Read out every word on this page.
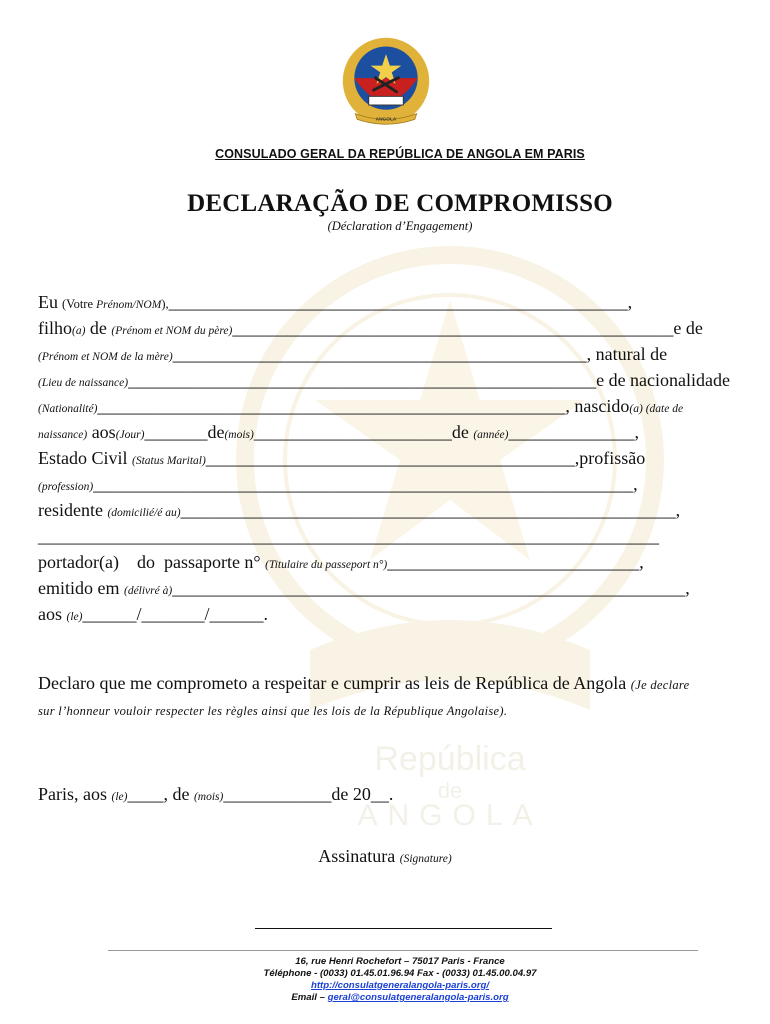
República
de
ANGOLA
ANGOLA
CONSULADO GERAL DA REPÚBLICA DE ANGOLA EM PARIS
DECLARAÇÃO DE COMPROMISSO
(Déclaration d’Engagement)
Eu (Votre Prénom/NOM),___________________________________________________,
filho(a) de (Prénom et NOM du père)_________________________________________________e de
(Prénom et NOM de la mère)______________________________________________, natural de
(Lieu de naissance)____________________________________________________e de nacionalidade
(Nationalité)____________________________________________________, nascido(a) (date de
naissance) aos(Jour)_______de(mois)______________________de (année)______________,
Estado Civil (Status Marital)_________________________________________,profissão
(profession)____________________________________________________________,
residente (domicilié/é au)_______________________________________________________,
_____________________________________________________________________
portador(a)    do  passaporte n° (Titulaire du passeport n°)____________________________,
emitido em (délivré à)_________________________________________________________,
aos (le)______/_______/______.
Declaro que me comprometo a respeitar e cumprir as leis de República de Angola (Je declare sur l’honneur vouloir respecter les règles ainsi que les lois de la République Angolaise).
Paris, aos (le)____, de (mois)____________de 20__.
Assinatura (Signature)
16, rue Henri Rochefort – 75017 Paris - France
Téléphone - (0033) 01.45.01.96.94 Fax - (0033) 01.45.00.04.97
http://consulatgeneralangola-paris.org/
Email – geral@consulatgeneralangola-paris.org
